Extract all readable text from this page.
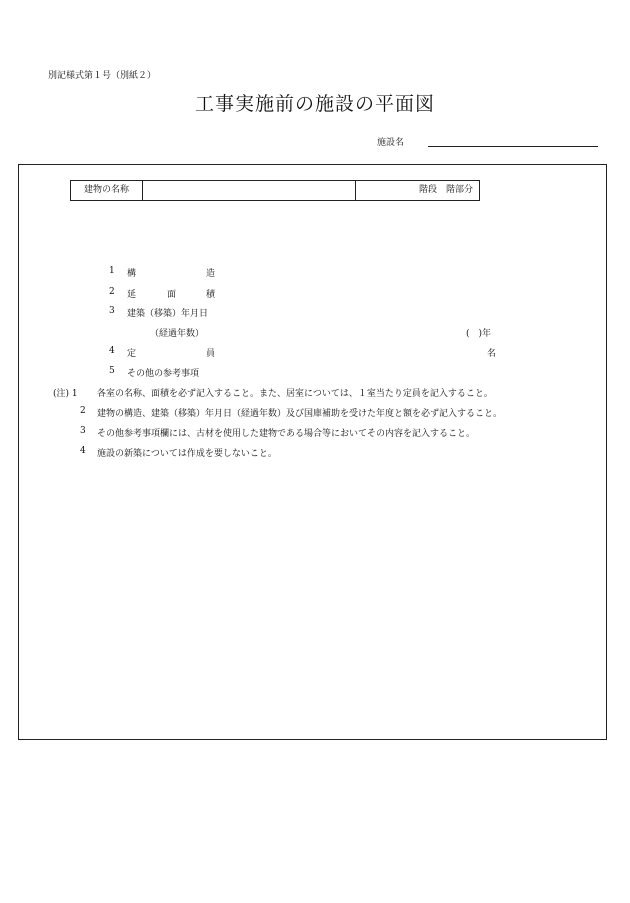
別記様式第１号（別紙２）
工事実施前の施設の平面図
施設名
建物の名称	階段　階部分
1 構	造
2 延	面	積
3 建築（移築）年月日
（経過年数）	(　)年
4 定	員	名
5 その他の参考事項
(注) 1 各室の名称、面積を必ず記入すること。また、居室については、１室当たり定員を記入すること。
2 建物の構造、建築（移築）年月日（経過年数）及び国庫補助を受けた年度と額を必ず記入すること。
3 その他参考事項欄には、古材を使用した建物である場合等においてその内容を記入すること。
4 施設の新築については作成を要しないこと。
